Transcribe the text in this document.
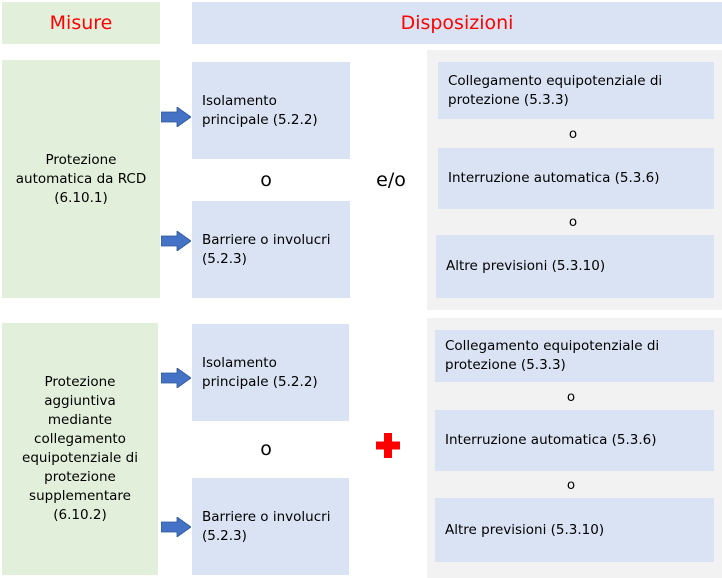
Misure	Disposizioni
Protezione automatica da RCD (6.10.1)
Isolamento principale (5.2.2)
Barriere o involucri (5.2.3)
o	e/o
Collegamento equipotenziale di protezione (5.3.3)
o
Interruzione automatica (5.3.6)
o
Altre previsioni (5.3.10)
Protezione aggiuntiva mediante collegamento equipotenziale di protezione supplementare (6.10.2)
Isolamento principale (5.2.2)
Barriere o involucri (5.2.3)
o
Collegamento equipotenziale di protezione (5.3.3)
o
Interruzione automatica (5.3.6)
o
Altre previsioni (5.3.10)
